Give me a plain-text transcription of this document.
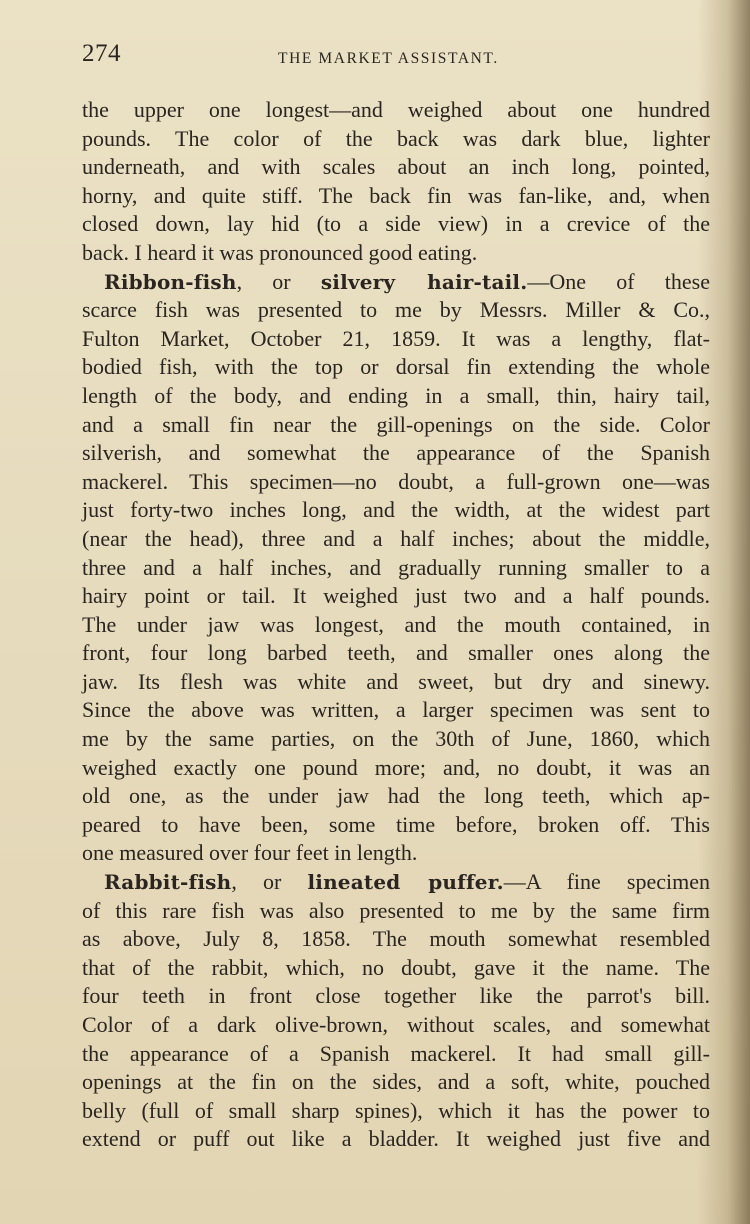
274	THE MARKET ASSISTANT.
the upper one longest—and weighed about one hundred
pounds. The color of the back was dark blue, lighter
underneath, and with scales about an inch long, pointed,
horny, and quite stiff. The back fin was fan-like, and, when
closed down, lay hid (to a side view) in a crevice of the
back. I heard it was pronounced good eating.
Ribbon-fish, or silvery hair-tail.—One of these
scarce fish was presented to me by Messrs. Miller & Co.,
Fulton Market, October 21, 1859. It was a lengthy, flat-
bodied fish, with the top or dorsal fin extending the whole
length of the body, and ending in a small, thin, hairy tail,
and a small fin near the gill-openings on the side. Color
silverish, and somewhat the appearance of the Spanish
mackerel. This specimen—no doubt, a full-grown one—was
just forty-two inches long, and the width, at the widest part
(near the head), three and a half inches; about the middle,
three and a half inches, and gradually running smaller to a
hairy point or tail. It weighed just two and a half pounds.
The under jaw was longest, and the mouth contained, in
front, four long barbed teeth, and smaller ones along the
jaw. Its flesh was white and sweet, but dry and sinewy.
Since the above was written, a larger specimen was sent to
me by the same parties, on the 30th of June, 1860, which
weighed exactly one pound more; and, no doubt, it was an
old one, as the under jaw had the long teeth, which ap-
peared to have been, some time before, broken off. This
one measured over four feet in length.
Rabbit-fish, or lineated puffer.—A fine specimen
of this rare fish was also presented to me by the same firm
as above, July 8, 1858. The mouth somewhat resembled
that of the rabbit, which, no doubt, gave it the name. The
four teeth in front close together like the parrot's bill.
Color of a dark olive-brown, without scales, and somewhat
the appearance of a Spanish mackerel. It had small gill-
openings at the fin on the sides, and a soft, white, pouched
belly (full of small sharp spines), which it has the power to
extend or puff out like a bladder. It weighed just five and
